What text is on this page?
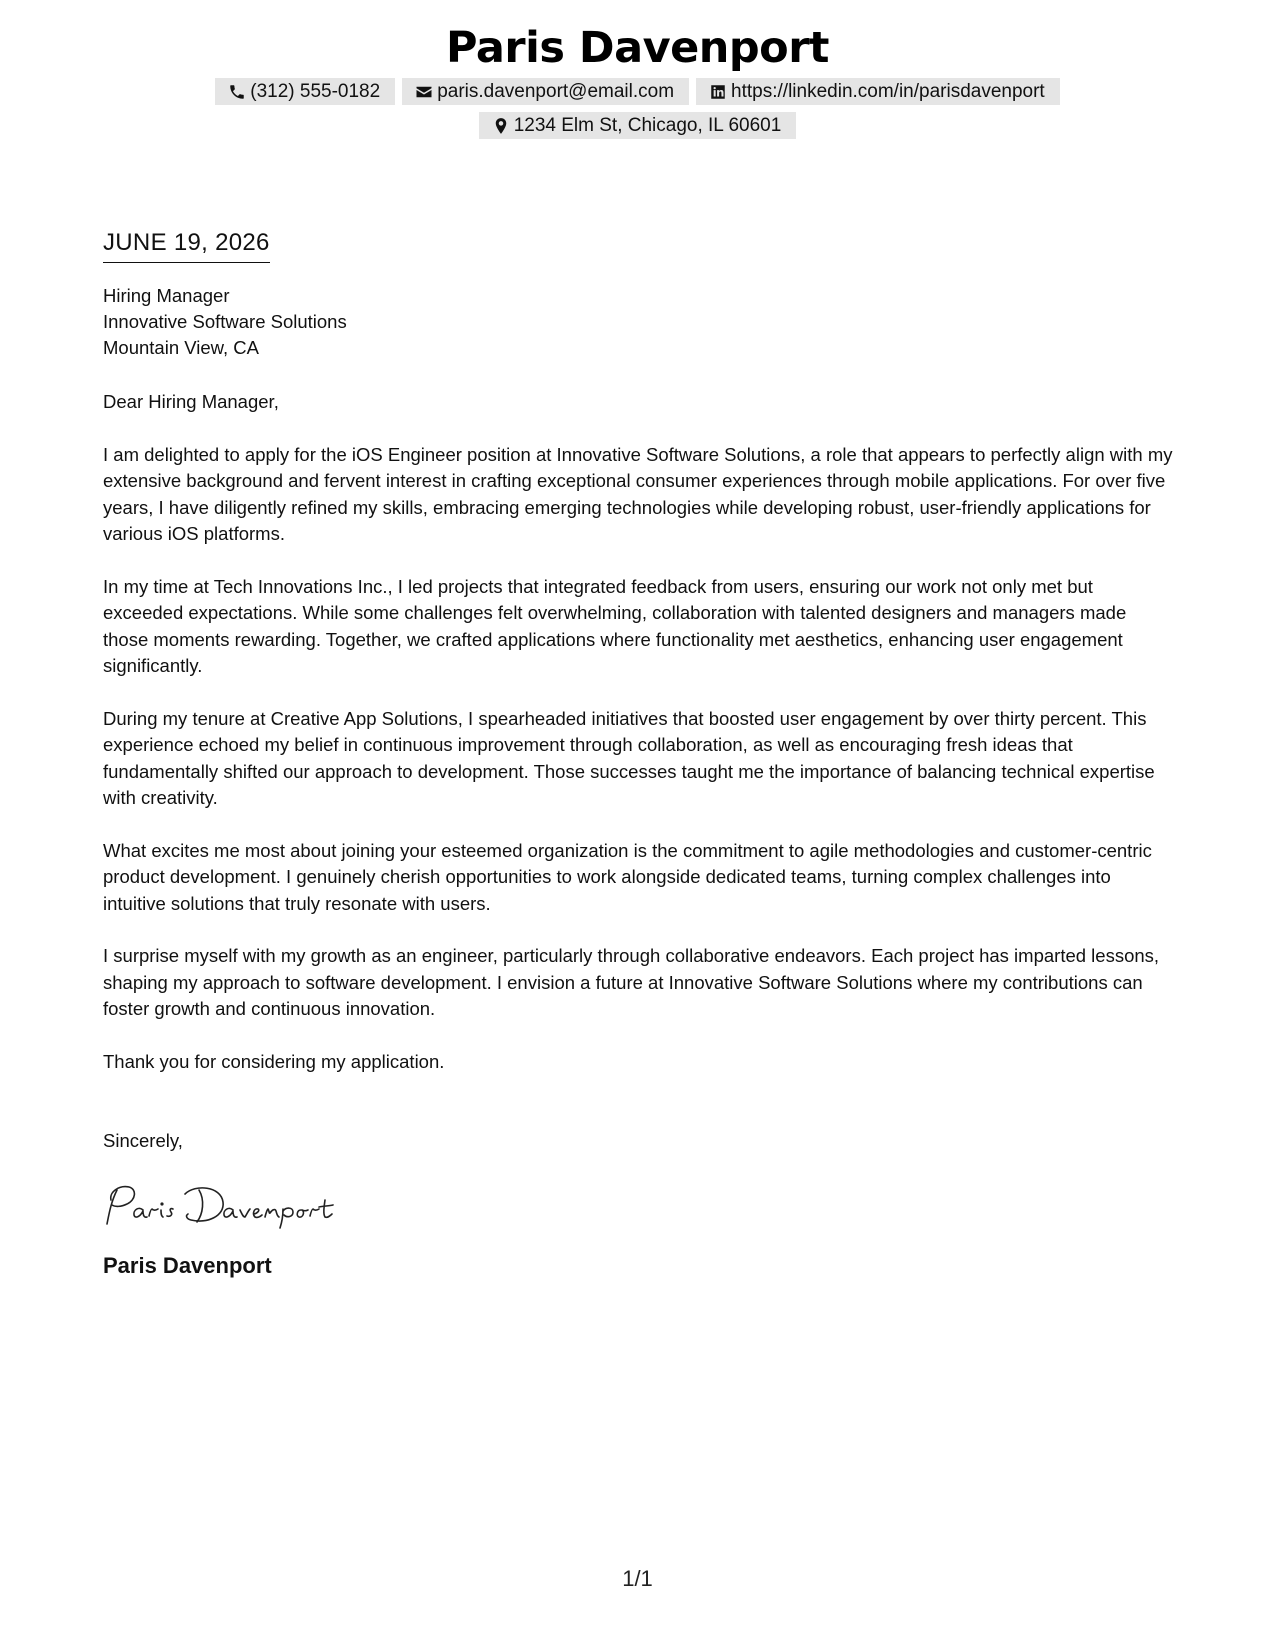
Paris Davenport
(312) 555-0182	paris.davenport@email.com	https://linkedin.com/in/parisdavenport
1234 Elm St, Chicago, IL 60601
JUNE 19, 2026
Hiring Manager
Innovative Software Solutions
Mountain View, CA
Dear Hiring Manager,

I am delighted to apply for the iOS Engineer position at Innovative Software Solutions, a role that appears to perfectly align with my extensive background and fervent interest in crafting exceptional consumer experiences through mobile applications. For over five years, I have diligently refined my skills, embracing emerging technologies while developing robust, user-friendly applications for various iOS platforms.

In my time at Tech Innovations Inc., I led projects that integrated feedback from users, ensuring our work not only met but exceeded expectations. While some challenges felt overwhelming, collaboration with talented designers and managers made those moments rewarding. Together, we crafted applications where functionality met aesthetics, enhancing user engagement significantly.

During my tenure at Creative App Solutions, I spearheaded initiatives that boosted user engagement by over thirty percent. This experience echoed my belief in continuous improvement through collaboration, as well as encouraging fresh ideas that fundamentally shifted our approach to development. Those successes taught me the importance of balancing technical expertise with creativity.

What excites me most about joining your esteemed organization is the commitment to agile methodologies and customer-centric product development. I genuinely cherish opportunities to work alongside dedicated teams, turning complex challenges into intuitive solutions that truly resonate with users.

I surprise myself with my growth as an engineer, particularly through collaborative endeavors. Each project has imparted lessons, shaping my approach to software development. I envision a future at Innovative Software Solutions where my contributions can foster growth and continuous innovation.

Thank you for considering my application.
Sincerely,
Paris Davenport
1/1
